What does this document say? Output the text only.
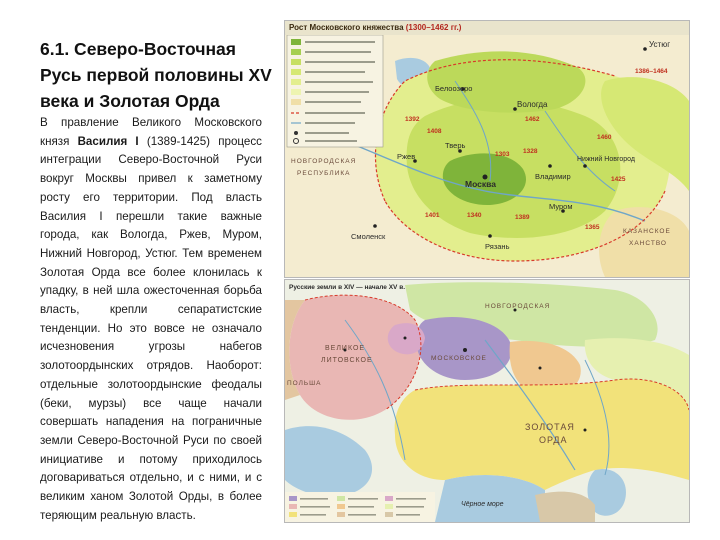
6.1. Северо-Восточная Русь первой половины XV века и Золотая Орда

В правление Великого Московского князя Василия I (1389-1425) процесс интеграции Северо-Восточной Руси вокруг Москвы привел к заметному росту его территории. Под власть Василия I перешли такие важные города, как Вологда, Ржев, Муром, Нижний Новгород, Устюг. Тем временем Золотая Орда все более клонилась к упадку, в ней шла ожесточенная борьба власть, крепли сепаратистские тенденции. Но это вовсе не означало исчезновения угрозы набегов золотоордынских отрядов. Наоборот: отдельные золотоордынские феодалы (беки, мурзы) все чаще начали совершать нападения на пограничные земли Северо-Восточной Руси по своей инициативе и потому приходилось договариваться отдельно, и с ними, и с великим ханом Золотой Орды, в более теряющим реальную власть.

Рост Московского княжества (1300–1462 гг.)
Устюг
1386–1464
Белоозеро
Вологда
1462
НОВГОРОДСКАЯ
РЕСПУБЛИКА
Тверь
Ржев
Москва
Владимир
Нижний Новгород
Муром
Рязань
Смоленск
КАЗАНСКОЕ
ХАНСТВО
1392
1303
1408
1328
1460
1401
1365
1340	1389
1425
Русские земли в XIV — начале XV в.
ВЕЛИКОЕ
ЛИТОВСКОЕ
ЗОЛОТАЯ
ОРДА
МОСКОВСКОЕ
НОВГОРОДСКАЯ
ПОЛЬША
Чёрное море
